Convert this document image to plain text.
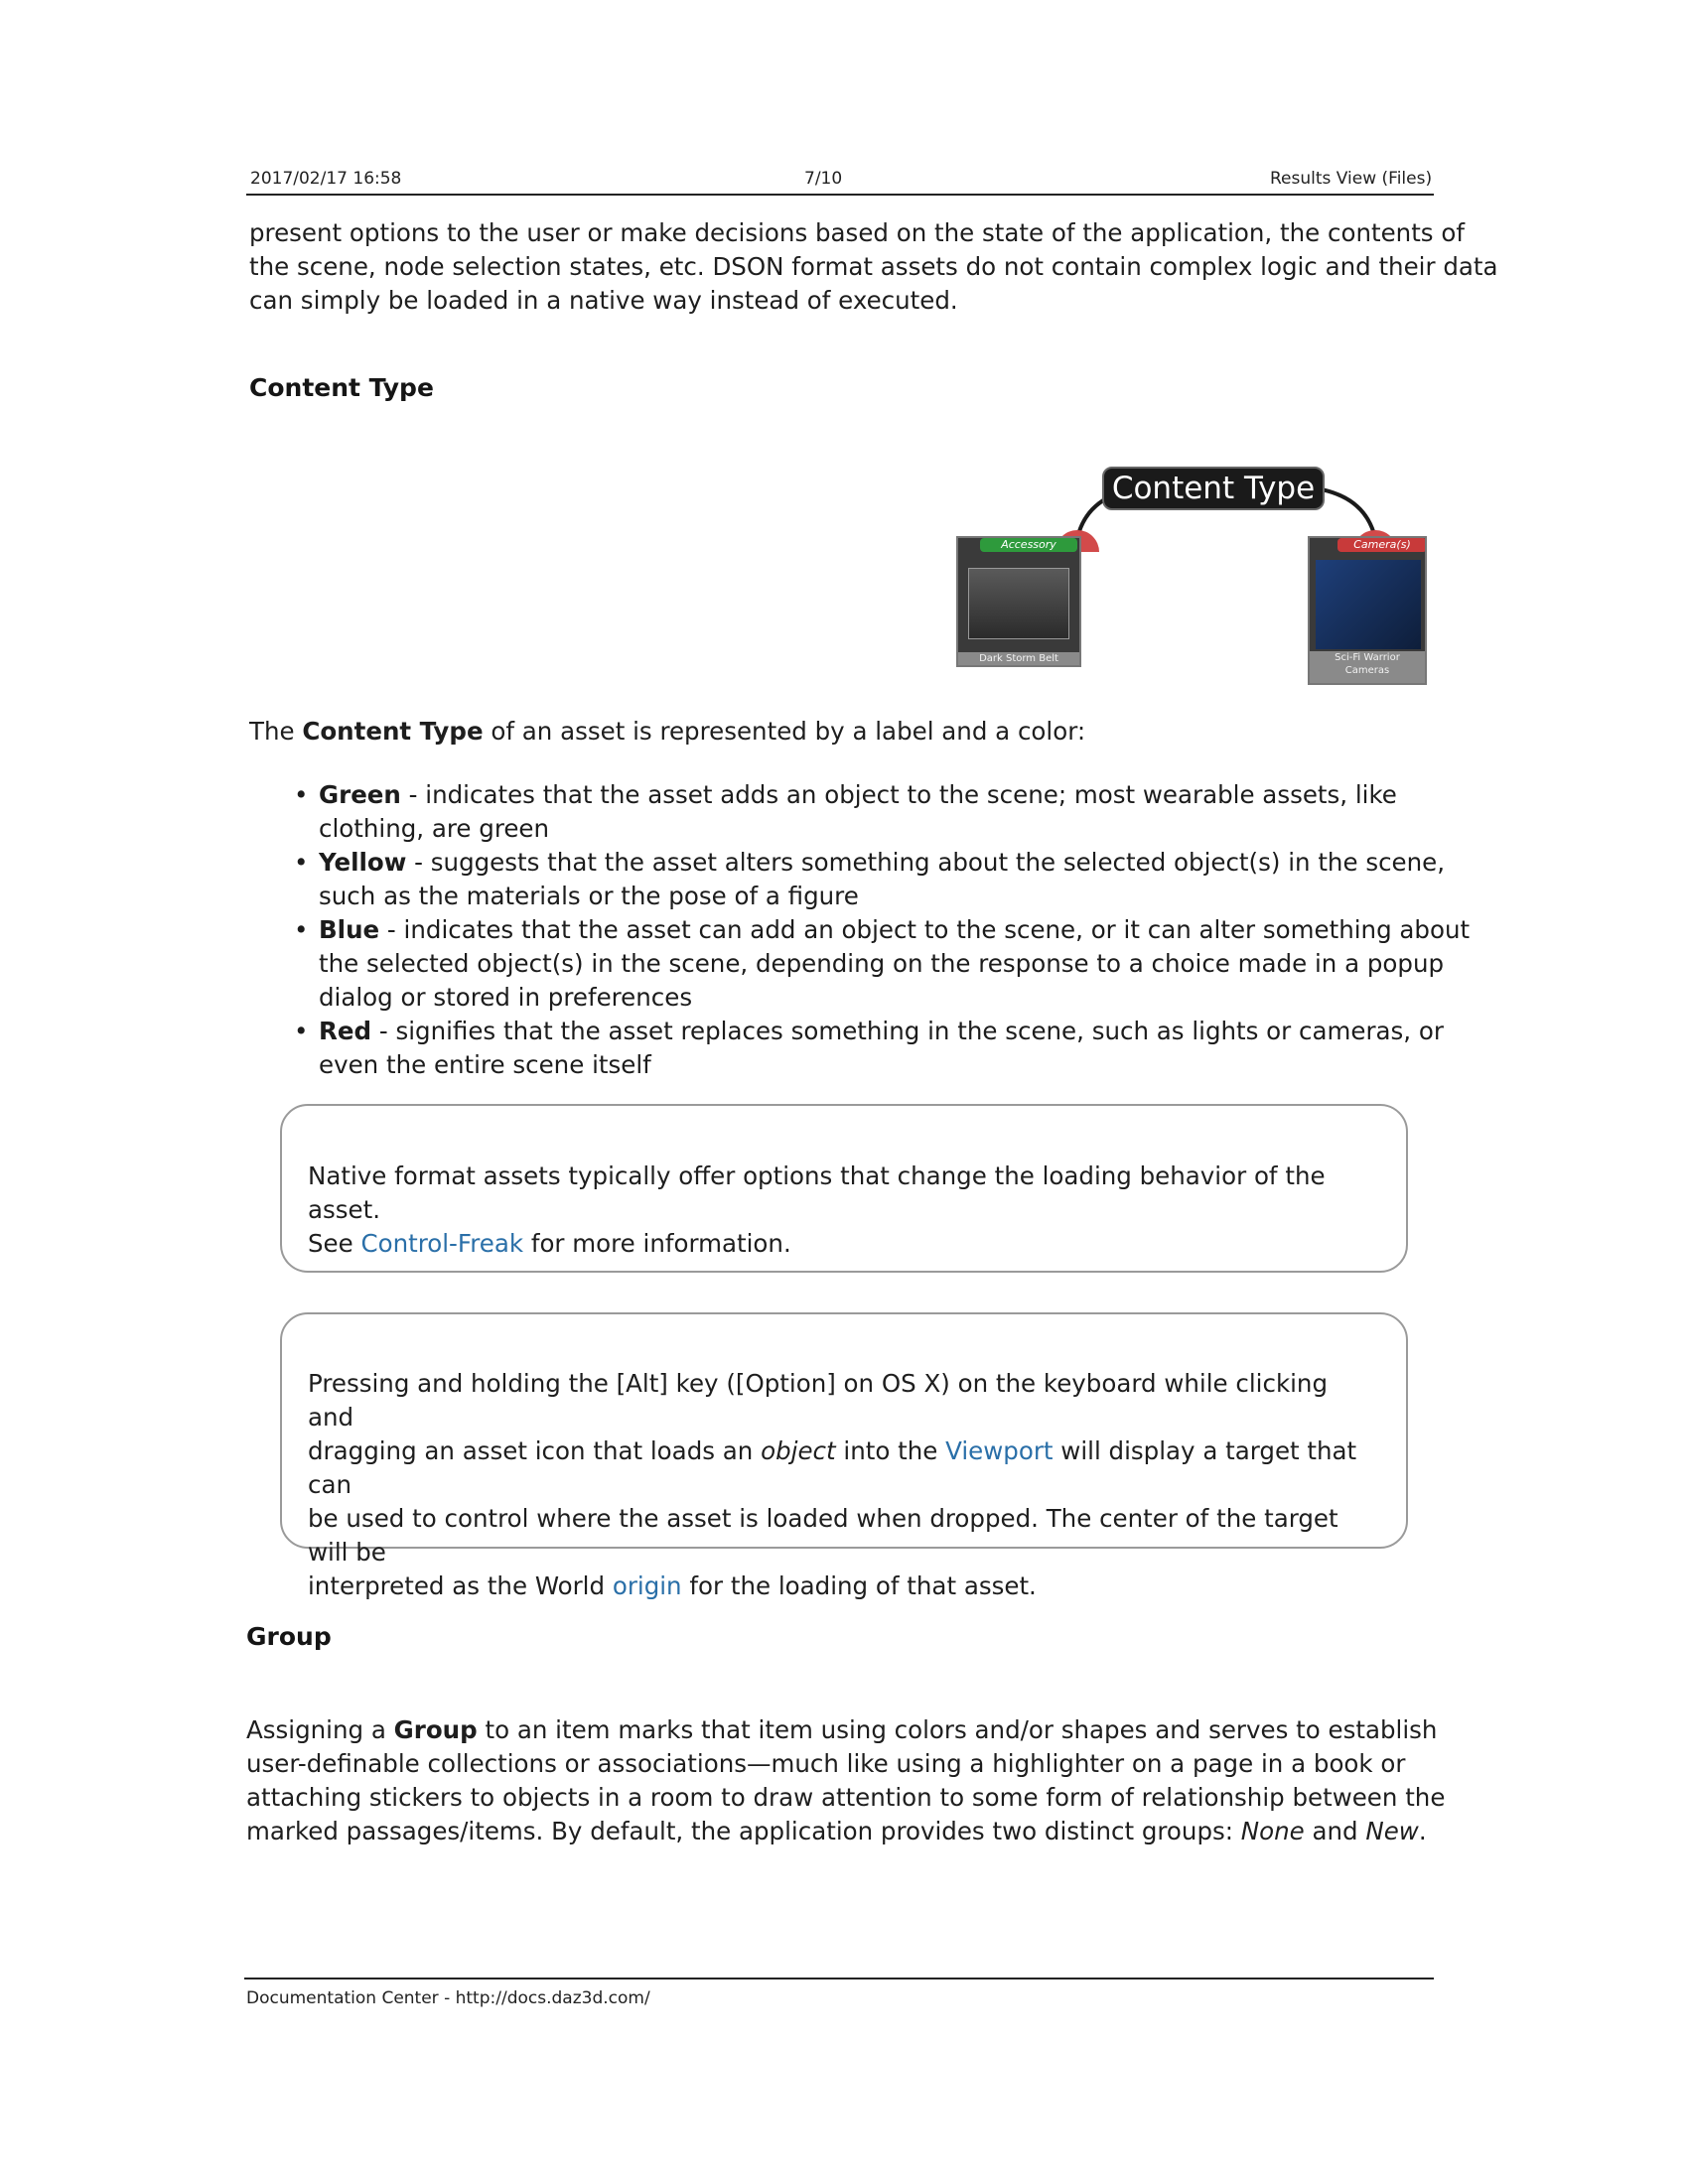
2017/02/17 16:58	7/10	Results View (Files)
present options to the user or make decisions based on the state of the application, the contents of
the scene, node selection states, etc. DSON format assets do not contain complex logic and their data
can simply be loaded in a native way instead of executed.
Content Type
Content Type
Accessory
Dark Storm Belt
Camera(s)
Sci-Fi Warrior Cameras
The Content Type of an asset is represented by a label and a color:
• Green - indicates that the asset adds an object to the scene; most wearable assets, like
clothing, are green
• Yellow - suggests that the asset alters something about the selected object(s) in the scene,
such as the materials or the pose of a figure
• Blue - indicates that the asset can add an object to the scene, or it can alter something about
the selected object(s) in the scene, depending on the response to a choice made in a popup
dialog or stored in preferences
• Red - signifies that the asset replaces something in the scene, such as lights or cameras, or
even the entire scene itself
Native format assets typically offer options that change the loading behavior of the asset.
See Control-Freak for more information.
Pressing and holding the [Alt] key ([Option] on OS X) on the keyboard while clicking and
dragging an asset icon that loads an object into the Viewport will display a target that can
be used to control where the asset is loaded when dropped. The center of the target will be
interpreted as the World origin for the loading of that asset.
Group
Assigning a Group to an item marks that item using colors and/or shapes and serves to establish
user-definable collections or associations—much like using a highlighter on a page in a book or
attaching stickers to objects in a room to draw attention to some form of relationship between the
marked passages/items. By default, the application provides two distinct groups: None and New.
Documentation Center - http://docs.daz3d.com/
